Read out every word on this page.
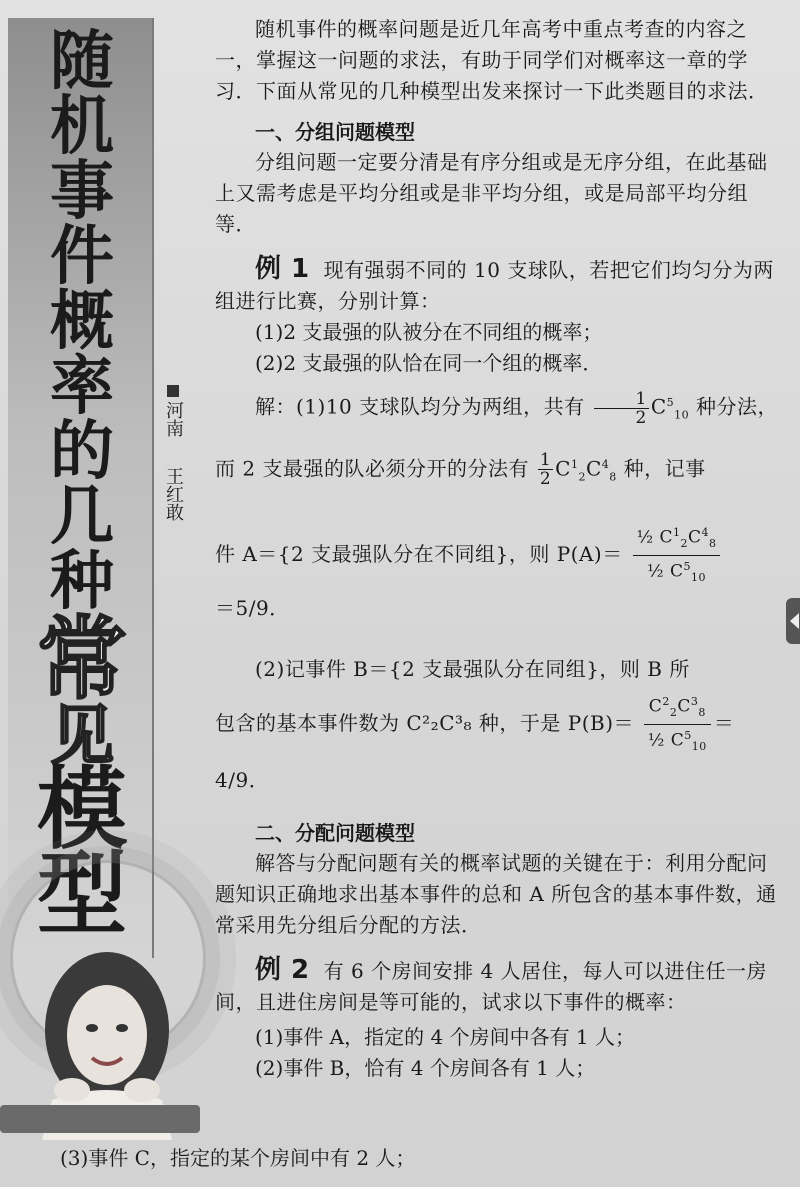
随
机
事
件
概
率
的
几
种
常
见
模
型
河南
王红敢

随机事件的概率问题是近几年高考中重点考查的内容之一，掌握这一问题的求法，有助于同学们对概率这一章的学习．下面从常见的几种模型出发来探讨一下此类题目的求法．

一、分组问题模型

分组问题一定要分清是有序分组或是无序分组，在此基础上又需考虑是平均分组或是非平均分组，或是局部平均分组等．

例 1 现有强弱不同的 10 支球队，若把它们均匀分为两组进行比赛，分别计算：

(1)2 支最强的队被分在不同组的概率；

(2)2 支最强的队恰在同一个组的概率．

解：(1)10 支球队均分为两组，共有 $\frac{1}{2} C^5_{10}$ 种分法，

而 2 支最强的队必须分开的分法有 $\frac{1}{2} C^1_2C^4_8$ 种，记事

件 A＝{2 支最强队分在不同组}，则 $P(A)= \frac{\frac{1}{2} C^1_2C^4_8}{\frac{1}{2} C^5_{10}}$

＝5/9．

(2)记事件 B＝{2 支最强队分在同组}，则 B 所

包含的基本事件数为 C²₂C³₈ 种，于是 $P(B)= \frac{C^2_2C^3_8}{\frac{1}{2} C^5_{10}}$ ＝

4/9．

二、分配问题模型

解答与分配问题有关的概率试题的关键在于：利用分配问题知识正确地求出基本事件的总和 A 所包含的基本事件数，通常采用先分组后分配的方法．

例 2 有 6 个房间安排 4 人居住，每人可以进住任一房间，且进住房间是等可能的，试求以下事件的概率：

(1)事件 A，指定的 4 个房间中各有 1 人；

(2)事件 B，恰有 4 个房间各有 1 人；

(3)事件 C，指定的某个房间中有 2 人；
